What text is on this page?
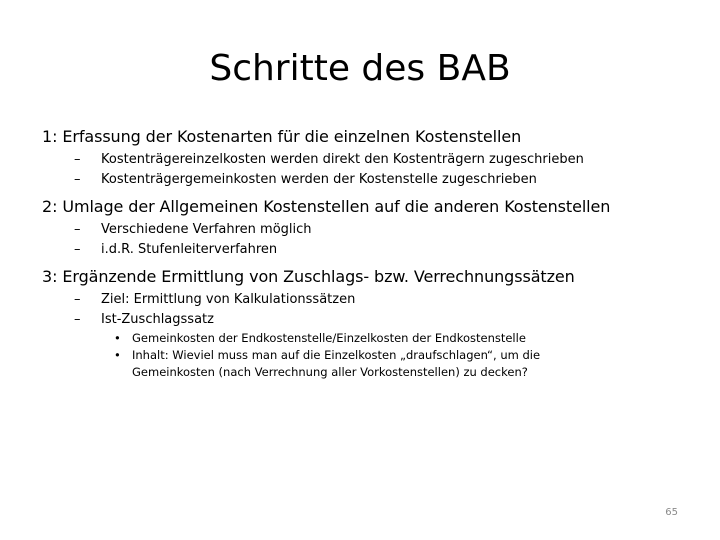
Schritte des BAB
1: Erfassung der Kostenarten für die einzelnen Kostenstellen
–	Kostenträgereinzelkosten werden direkt den Kostenträgern zugeschrieben
–	Kostenträgergemeinkosten werden der Kostenstelle zugeschrieben
2: Umlage der Allgemeinen Kostenstellen auf die anderen Kostenstellen
–	Verschiedene Verfahren möglich
–	i.d.R. Stufenleiterverfahren
3: Ergänzende Ermittlung von Zuschlags- bzw. Verrechnungssätzen
–	Ziel: Ermittlung von Kalkulationssätzen
–	Ist-Zuschlagssatz
• Gemeinkosten der Endkostenstelle/Einzelkosten der Endkostenstelle
• Inhalt: Wieviel muss man auf die Einzelkosten „draufschlagen“, um die Gemeinkosten (nach Verrechnung aller Vorkostenstellen) zu decken?
65
